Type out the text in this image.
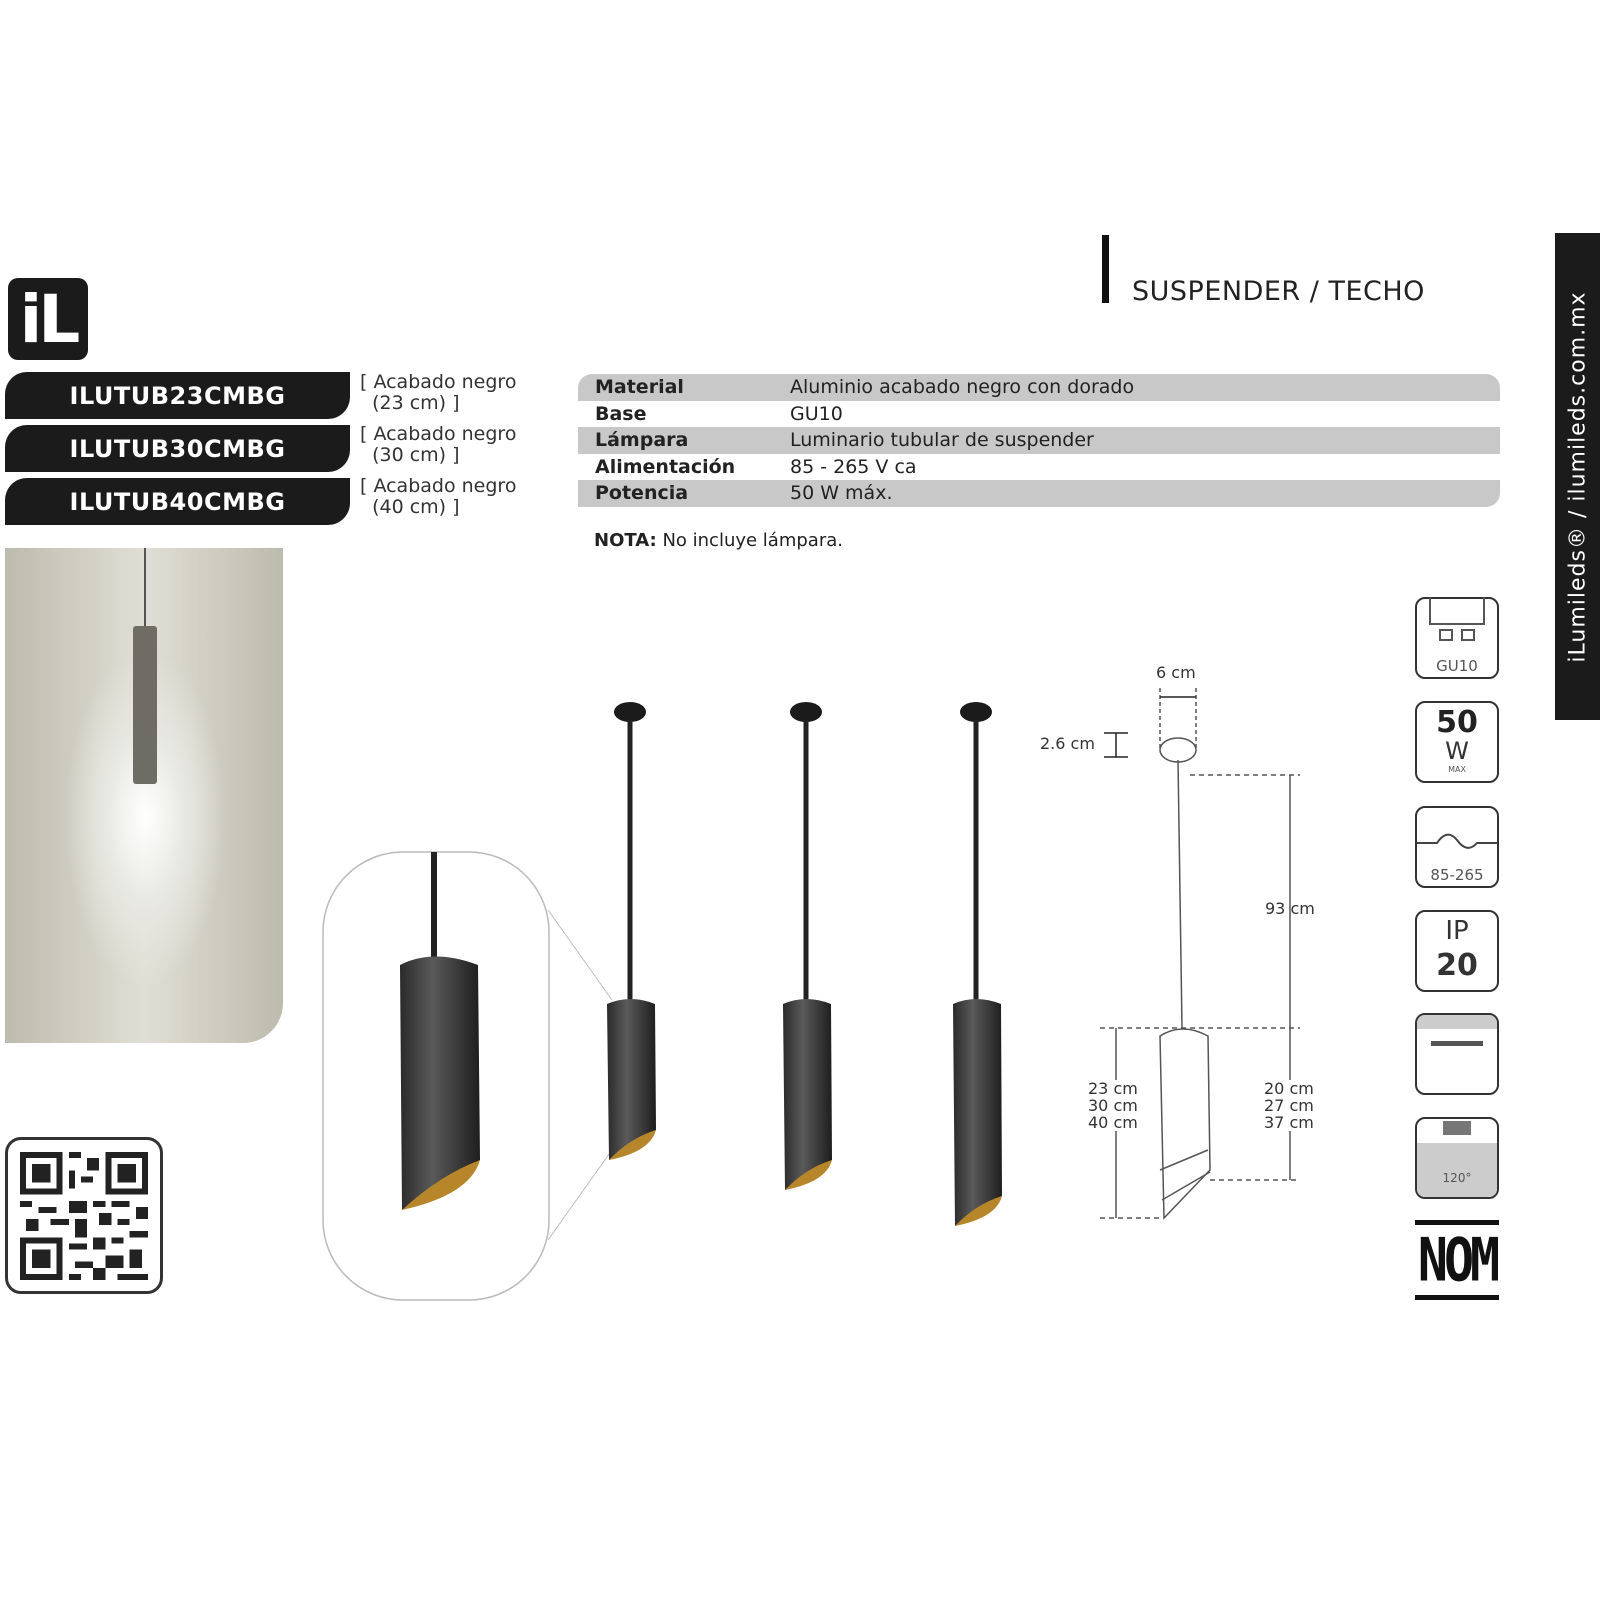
iL
ILUTUB23CMBG
ILUTUB30CMBG
ILUTUB40CMBG
[ Acabado negro
(23 cm) ]
[ Acabado negro
(30 cm) ]
[ Acabado negro
(40 cm) ]
SUSPENDER / TECHO
Material	Aluminio acabado negro con dorado
Base	GU10
Lámpara	Luminario tubular de suspender
Alimentación	85 - 265 V ca
Potencia	50 W máx.
NOTA: No incluye lámpara.	iLumileds® / ilumileds.com.mx
6 cm
2.6 cm
93 cm
23 cm
30 cm
40 cm
20 cm
27 cm
37 cm
GU10
50
W
MAX
85-265
IP
20
120°
NOM
